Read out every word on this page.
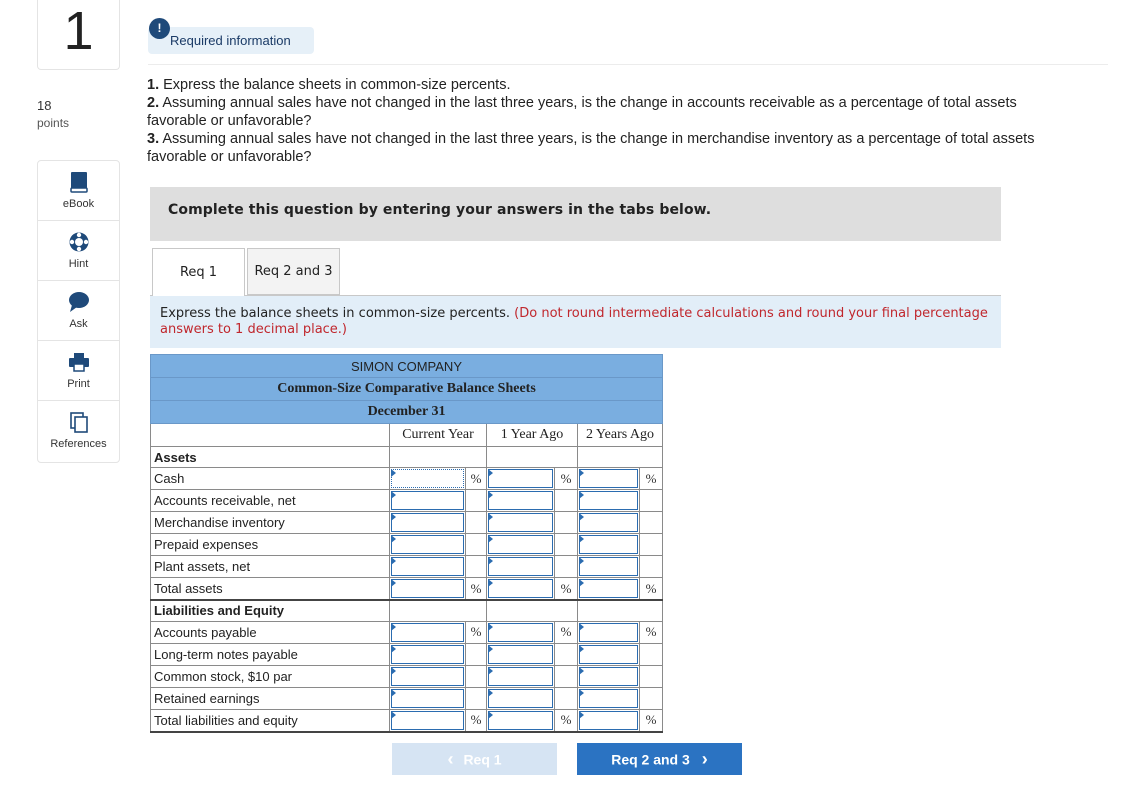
1
18
points
eBook
Hint
Ask
Print
References
Required information
!
1. Express the balance sheets in common-size percents.
2. Assuming annual sales have not changed in the last three years, is the change in accounts receivable as a percentage of total assets favorable or unfavorable?
3. Assuming annual sales have not changed in the last three years, is the change in merchandise inventory as a percentage of total assets favorable or unfavorable?
Complete this question by entering your answers in the tabs below.
Req 1	Req 2 and 3
Express the balance sheets in common-size percents. (Do not round intermediate calculations and round your final percentage answers to 1 decimal place.)
SIMON COMPANY						
Common-Size Comparative Balance Sheets						
December 31						
	Current Year		1 Year Ago		2 Years Ago	
Assets						
Cash		%		%		%
Accounts receivable, net	

Merchandise inventory	

Prepaid expenses	

Plant assets, net	

Total assets		%		%		%
Liabilities and Equity						
Accounts payable		%		%		%
Long-term notes payable	

Common stock, $10 par	

Retained earnings	

Total liabilities and equity		%		%		%
‹ Req 1	Req 2 and 3 ›
